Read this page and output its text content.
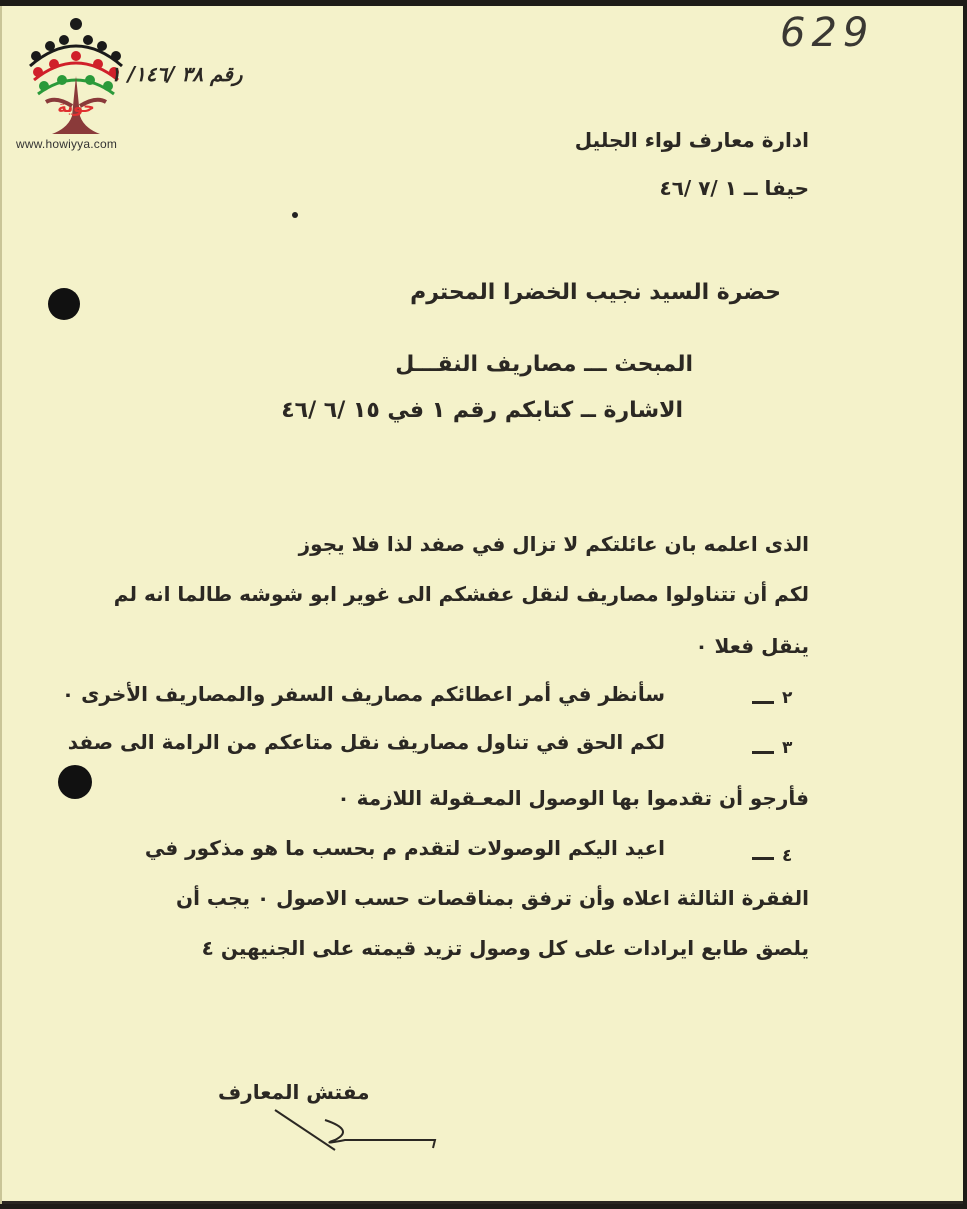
حوية
www.howiyya.com
629
رقم ٣٨ /١٤٦/ ١
ادارة معارف لواء الجليل
حيفا ــ ١ /٧ /٤٦
حضرة السيد نجيب الخضرا المحترم
المبحث ـــ مصاريف النقـــل
الاشارة ــ كتابكم رقم ١ في ١٥ /٦ /٤٦
الذى اعلمه بان عائلتكم لا تزال في صفد لذا فلا يجوز
لكم أن تتناولوا مصاريف لنقل عفشكم الى غوير ابو شوشه طالما انه لم
ينقل فعلا ٠
٢
سأنظر في أمر اعطائكم مصاريف السفر والمصاريف الأخرى ٠
٣
لكم الحق في تناول مصاريف نقل متاعكم من الرامة الى صفد
فأرجو أن تقدموا بها الوصول المعـقولة اللازمة ٠
٤
اعيد اليكم الوصولات لتقدم م بحسب ما هو مذكور في
الفقرة الثالثة اعلاه وأن ترفق بمناقصات حسب الاصول ٠ يجب أن
يلصق طابع ايرادات على كل وصول تزيد قيمته على الجنيهين ٤
مفتش المعارف
